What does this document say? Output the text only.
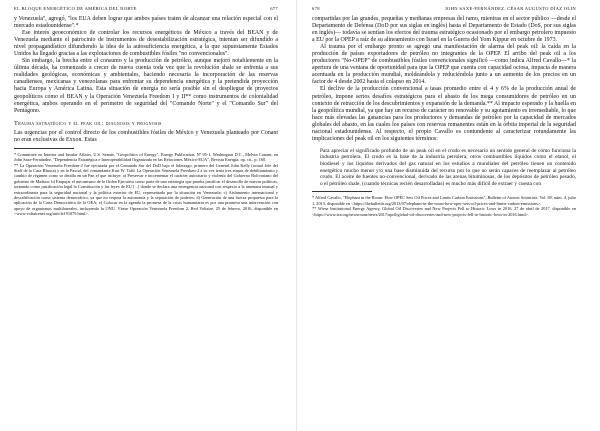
EL BLOQUE ENERGÉTICO DE AMÉRICA DEL NORTE	677

y Venezuela", agregó, "los EUA deben lograr que ambos países traten de alcanzar una relación especial con el mercado estadounidense".*

Ese interés geoeconómico de controlar los recursos energéticos de México a través del BEAN y de Venezuela mediante el patrocinio de instrumentos de desestabilización estratégica, intentan ser difundido a nivel propagandístico difundiendo la idea de la autosuficiencia energética, a la que supuestamente Estados Unidos ha llegado gracias a las explotaciones de combustibles fósiles "no convencionales".

Sin embargo, la brecha entre el consumo y la producción de petróleo, aunque mejoró notablemente en la última década, ha comenzado a crecer de nueva cuenta toda vez que la revolución shale se enfrenta a sus realidades geológicas, económicas y ambientales, haciendo necesaria la incorporación de las reservas canadienses, mexicanas y venezolanas para enfrentar su dependencia energética y la pretendida proyección hacia Europa y América Latina. Esta situación de energía no sería posible sin el despliegue de proyectos geopolíticos como el BEAN y la Operación Venezuela Freedom I y II** como instrumentos de colonialidad energética, ambos operando en el perímetro de seguridad del "Comando Norte" y el "Comando Sur" del Pentágono.

Trauma estratégico y el peak oil: diagnosis y prognosis

Las urgencias por el control directo de los combustibles fósiles de México y Venezuela planteado por Conant no eran exclusivas de Exxon. Estas

* Committee on Interior and Insular Affairs, U.S. Senate, "Geopolitics of Energy", Energy Publication, Nº 95-1, Washington D.C., Melvin Conant, en John Saxe-Fernández, "Dependencia Estratégica e Interoperabilidad Organizada en las Relaciones México-EUA", Revista Energía, op. cit., p. 160.

** La Operación Venezuela Freedom-2 fue ejecutada por el Comando Sur del DoD bajo el liderazgo, primero del General John Kelly (actual Jefe del Staff de la Casa Blanca) y en la Pascal, del comandante Kurt W. Tidd. La Operación Venezuela Freedom-2 a su vez tenía tres etapas de debilitamiento y cambio de régimen como se detalla en un Pan el que incluye: a) Preservar e incrementar el carácter autoritario y violento del Gobierno Bolivariano del gobierno de Maduro; b) Empujar el mecanismo de la Orden Ejecutiva como parte de una estrategia que prueba justificar el desarrollo de nuevas políticas, tornando como justificación legal la Constitución y las leyes de EU [...] donde se declara una emergencia nacional con respecto a la amenaza inusual y extraordinaria para la seguridad nacional y la política exterior de EU, representada por la situación en Venezuela; c) Aislamiento internacional y descalificación como sistema democrático, ya que no respeta la autonomía y la separación de poderes; d) Generación de una fuerza propuesta para la aplicación de la Carta Democrática de la OEA; e) Colocar en la agenda la promesa de la crisis humanitaria es por una promesa una intervención con apoyo de organismos multilaterales, incluyendo la ONU. Véase Operación Venezuela Freedom 2, Red Voltaire, 25 de febrero, 2016, disponible en <www.voltairenet.org/article191079.html>.

678	JOHN SAXE-FERNÁNDEZ, CÉSAR AUGUSTO DÍAZ OLIN

compartidas por las grandes, pequeñas y medianas empresas del ramo, mientras en el sector público —desde el Departamento de Defensa (DoD por sus siglas en inglés) hasta el Departamento de Estado (DoS, por sus siglas en inglés)— todavía se sentían los efectos del trauma estratégico ocasionado por el embargo petrolero impuesto a EU por la OPEP a raíz de su alineamiento con Israel en la Guerra del Yom Kippur en octubre de 1973.

Al trauma por el embargo pronto se agregó una manifestación de alarma del peak oil: la caída en la producción de países exportadores de petróleo no integrantes de la OPEP. El arribo del peak oil a los productores "No-OPEP" de combustibles fósiles convencionales significó —como indica Alfred Cavallo—* la apertura de una ventana de oportunidad para que la OPEP que cuenta con capacidad ociosa, impacta de manera acentuada en la producción mundial, moldeándola y reduciéndola junto a un aumento de los precios en un factor de 4 desde 2002 hasta el colapso en 2014.

El declive de la producción convencional a tasas promedio entre el 4 y 6% de la producción anual de petróleo, impone serios desafíos estratégicos para el abasto de los mega consumidores de petróleo en un contexto de retracción de los descubrimientos y expansión de la demanda.** Al impacto esperado y la huella en la geopolítica mundial, ya que hay un recurso de carácter no renovable y su agotamiento es irremediable, lo que hace más elevadas las ganancias para los productores y demandas de petróleo por la capacidad de mercados globales del abasto, en las cuales los países con reservas remanentes están en la órbita imperial de la seguridad nacional estadounidense. Al respecto, el propio Cavallo es contundente al caracterizar rotundamente las implicaciones del peak oil en los siguientes términos:

Para apreciar el significado profundo de un peak oil en el crudo es necesario un sentido general de cómo funciona la industria petrolera. El crudo es la base de la industria petrolera; otros combustibles líquidos como el etanol, el biodiesel y los líquidos derivados del gas natural en los estudios a mundiales del petróleo tienen un contenido energético mucho menor y/o una base disminuida del recurso por lo que no serán capaces de reemplazar al petróleo crudo. El aceite de fuentes no-convencional, derivado de las arenas bituminosas, de los depósitos de petróleo pesado, o el petróleo shale, (cuando técnicas recién desarrolladas) es mucho más difícil de extraer y cuesta con

* Alfred Cavallo, "Elephant in the Room: How OPEC Sets Oil Prices and Limits Carbon Emissions", Bulletin of Atomic Scientists, Vol. 69, núm. 4, julio 1, 2013, disponible en <https://thebulletin.org/2013/07/elephant-in-the-room-how-opec-sets-oil-prices-and-limits-carbon-emissions>.

** Wiese Institutional Energy Agency, Global Oil Discoveries and New Projects Fell to Historic Lows in 2016, 27 de abril de 2017, disponible en <https://www.iea.org/newsroom/news/2017/april/global-oil-discoveries-and-new-projects-fell-to-historic-lows-in-2016.html>.
